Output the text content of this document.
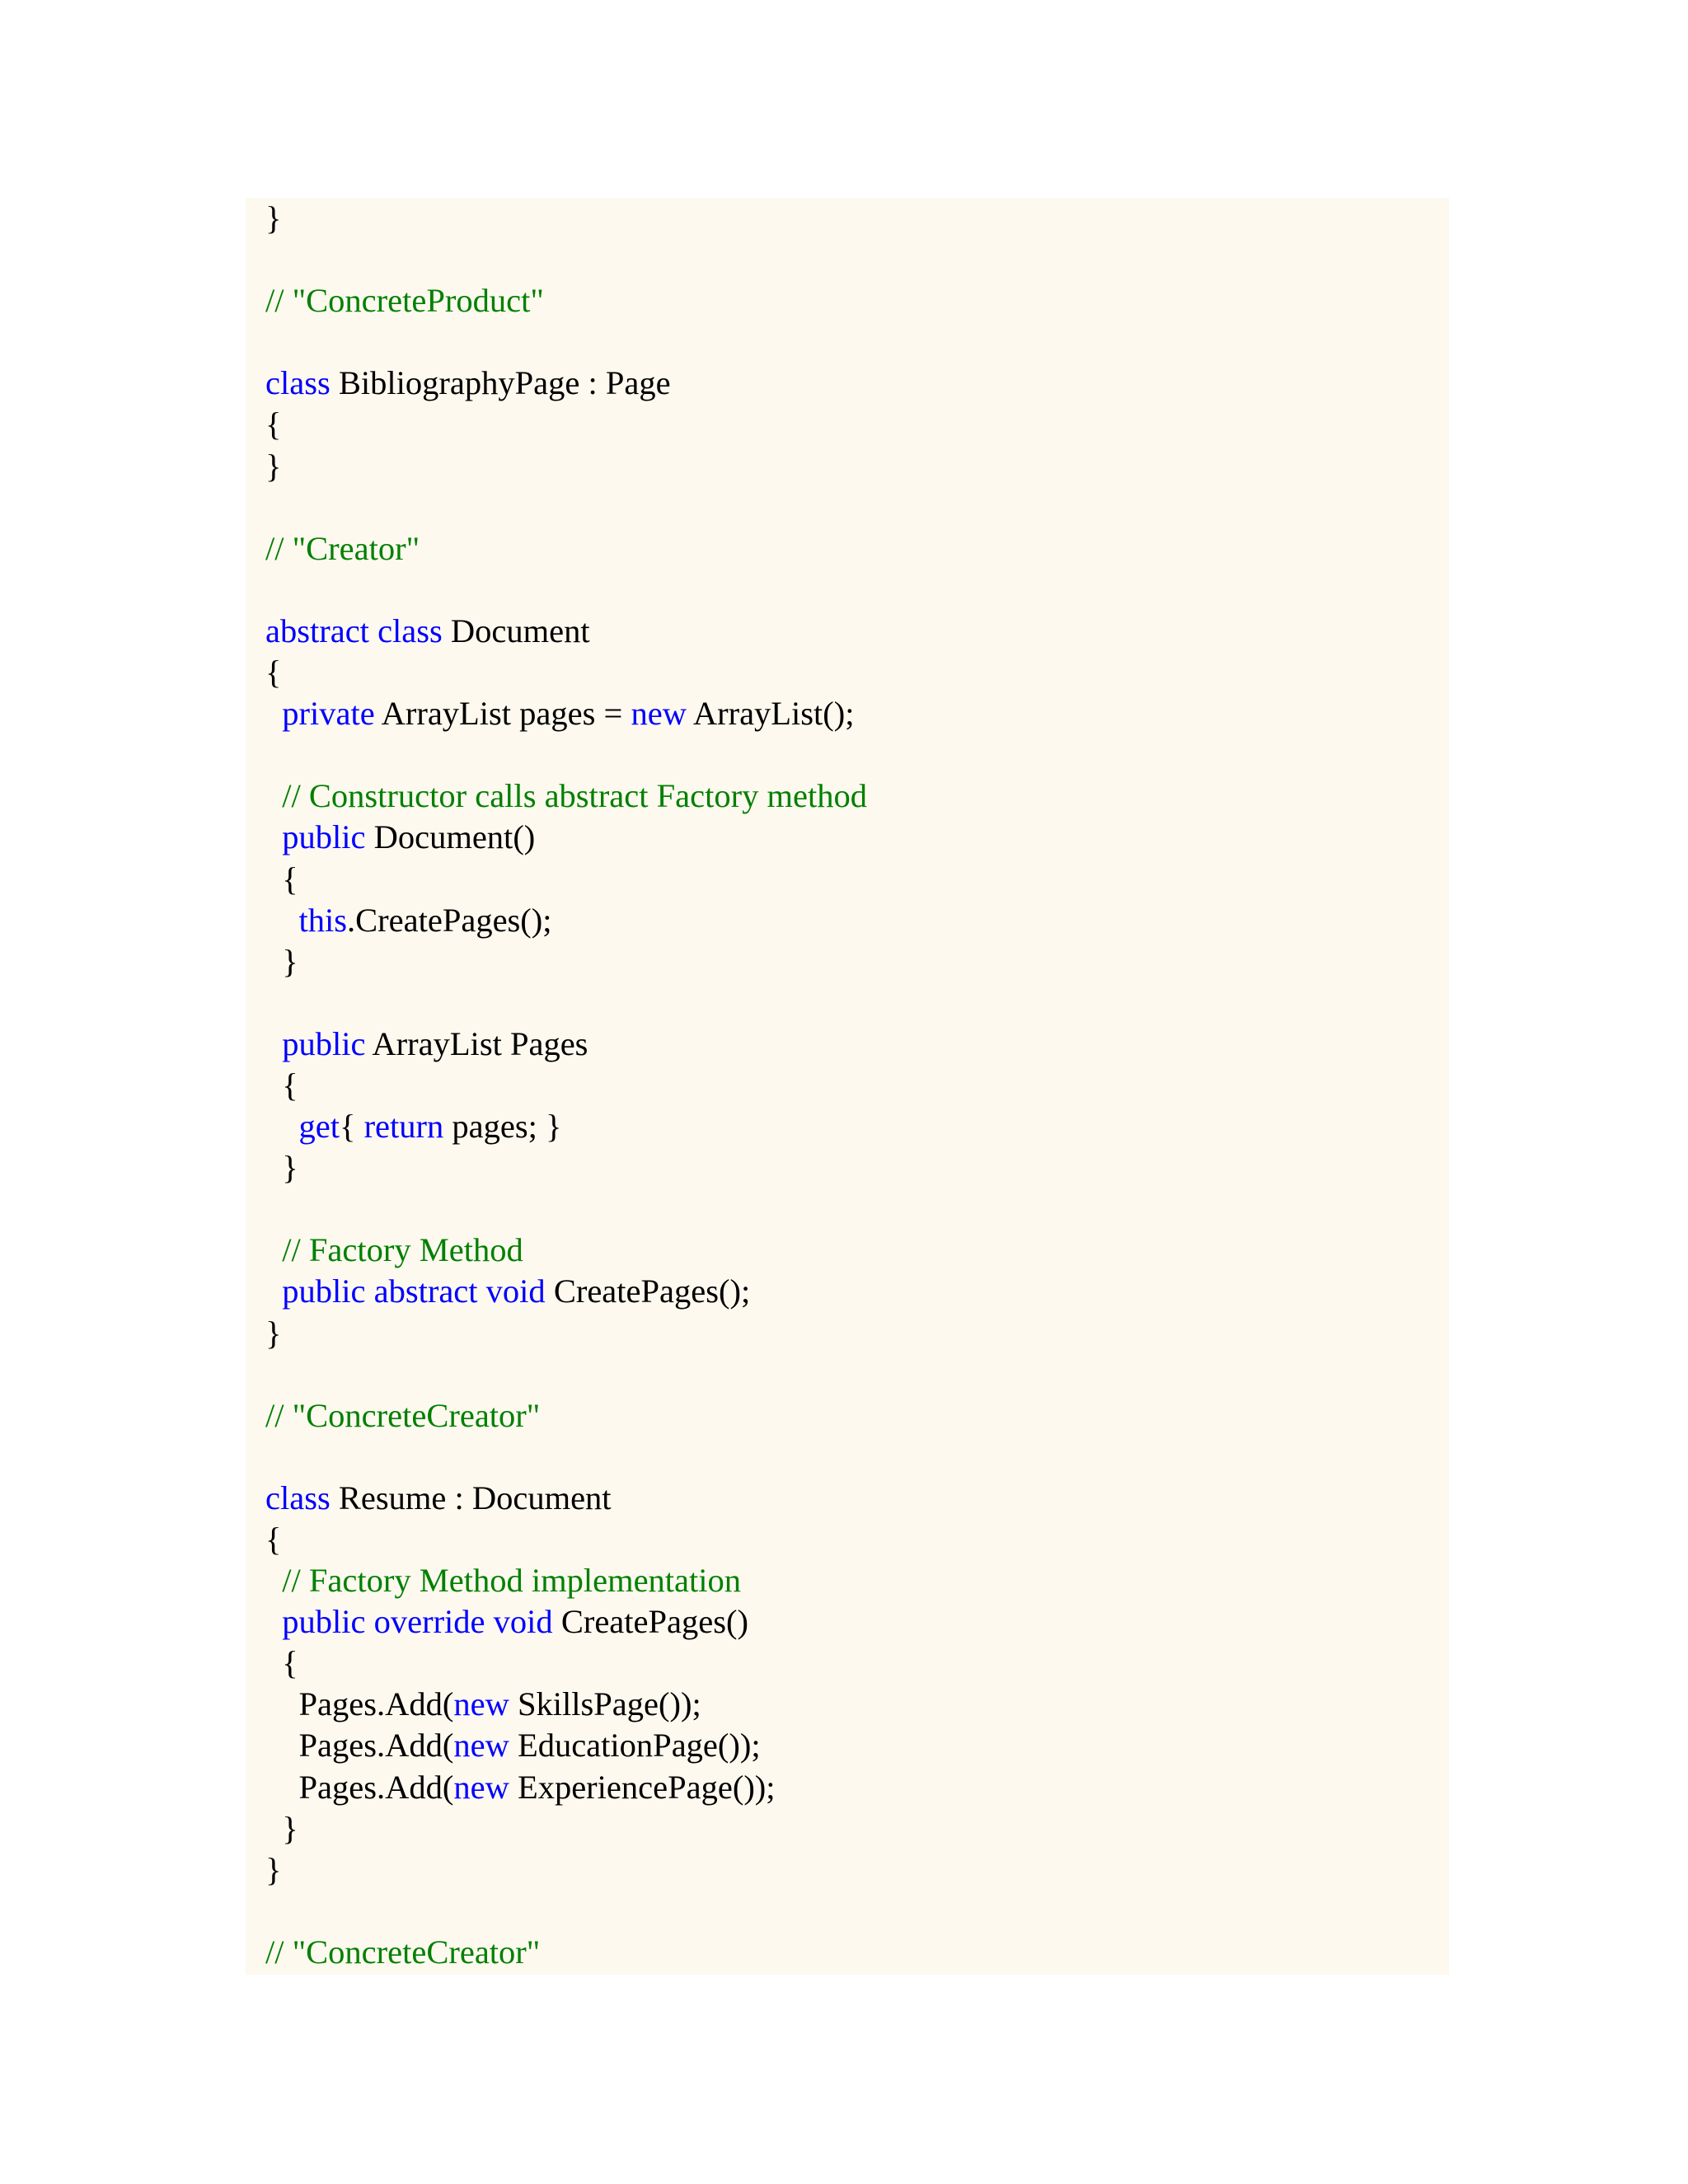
}
// "ConcreteProduct"
class BibliographyPage : Page
{
}
// "Creator"
abstract
class Document
{

private ArrayList pages = new ArrayList();

// Constructor calls abstract Factory method

public Document()
{

this .CreatePages();
}

public ArrayList Pages
{

get { return pages; }
}

// Factory Method

public
abstract
void CreatePages();
}
// "ConcreteCreator"
class Resume : Document
{

// Factory Method implementation

public
override
void CreatePages()
{
Pages.Add( new SkillsPage());
Pages.Add( new EducationPage());
Pages.Add( new ExperiencePage());
}
}
// "ConcreteCreator"
